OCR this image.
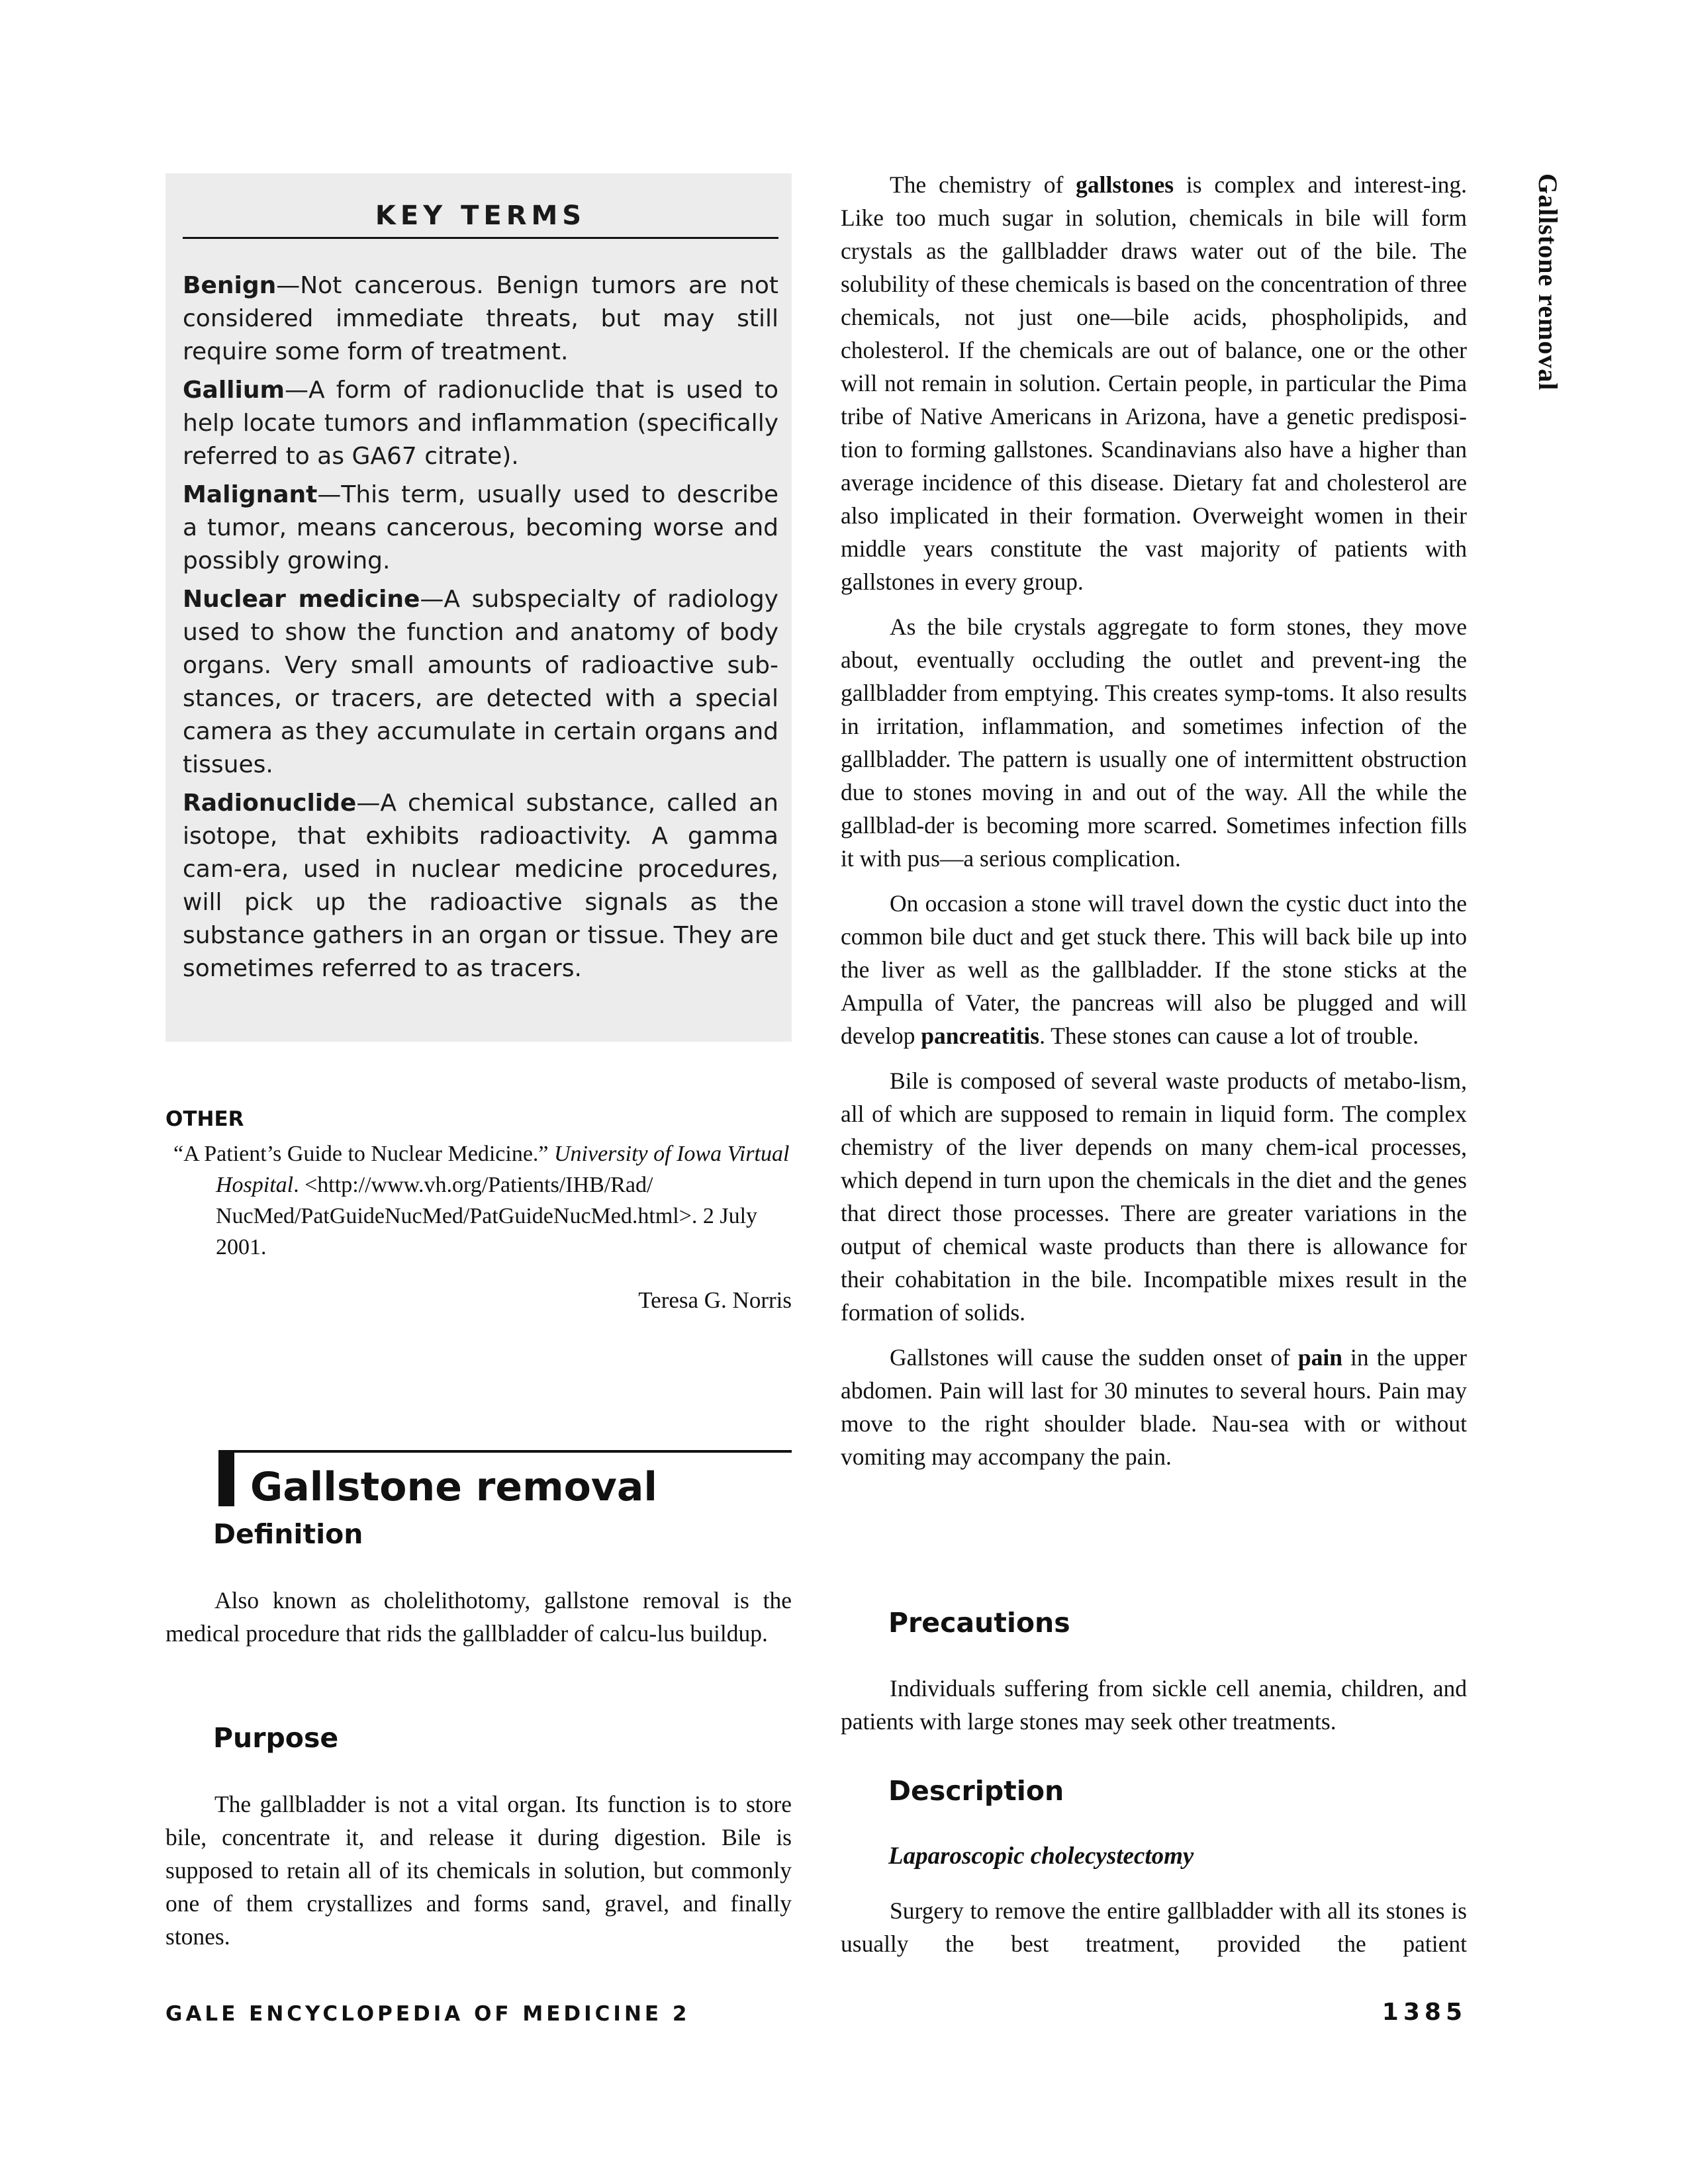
Gallstone removal
KEY TERMS

Benign—Not cancerous. Benign tumors are not considered immediate threats, but may still require some form of treatment.

Gallium—A form of radionuclide that is used to help locate tumors and inflammation (specifically referred to as GA67 citrate).

Malignant—This term, usually used to describe a tumor, means cancerous, becoming worse and possibly growing.

Nuclear medicine—A subspecialty of radiology used to show the function and anatomy of body organs. Very small amounts of radioactive sub-stances, or tracers, are detected with a special camera as they accumulate in certain organs and tissues.

Radionuclide—A chemical substance, called an isotope, that exhibits radioactivity. A gamma cam-era, used in nuclear medicine procedures, will pick up the radioactive signals as the substance gathers in an organ or tissue. They are sometimes referred to as tracers.

OTHER

“A Patient’s Guide to Nuclear Medicine.” University of Iowa Virtual Hospital. <http://www.vh.org/Patients/IHB/Rad/ NucMed/PatGuideNucMed/PatGuideNucMed.html>. 2 July 2001.

Teresa G. Norris

Gallstone removal
Definition

Also known as cholelithotomy, gallstone removal is the medical procedure that rids the gallbladder of calcu-lus buildup.

Purpose

The gallbladder is not a vital organ. Its function is to store bile, concentrate it, and release it during digestion. Bile is supposed to retain all of its chemicals in solution, but commonly one of them crystallizes and forms sand, gravel, and finally stones.

The chemistry of gallstones is complex and interest-ing. Like too much sugar in solution, chemicals in bile will form crystals as the gallbladder draws water out of the bile. The solubility of these chemicals is based on the concentration of three chemicals, not just one—bile acids, phospholipids, and cholesterol. If the chemicals are out of balance, one or the other will not remain in solution. Certain people, in particular the Pima tribe of Native Americans in Arizona, have a genetic predisposi-tion to forming gallstones. Scandinavians also have a higher than average incidence of this disease. Dietary fat and cholesterol are also implicated in their formation. Overweight women in their middle years constitute the vast majority of patients with gallstones in every group.

As the bile crystals aggregate to form stones, they move about, eventually occluding the outlet and prevent-ing the gallbladder from emptying. This creates symp-toms. It also results in irritation, inflammation, and sometimes infection of the gallbladder. The pattern is usually one of intermittent obstruction due to stones moving in and out of the way. All the while the gallblad-der is becoming more scarred. Sometimes infection fills it with pus—a serious complication.

On occasion a stone will travel down the cystic duct into the common bile duct and get stuck there. This will back bile up into the liver as well as the gallbladder. If the stone sticks at the Ampulla of Vater, the pancreas will also be plugged and will develop pancreatitis. These stones can cause a lot of trouble.

Bile is composed of several waste products of metabo-lism, all of which are supposed to remain in liquid form. The complex chemistry of the liver depends on many chem-ical processes, which depend in turn upon the chemicals in the diet and the genes that direct those processes. There are greater variations in the output of chemical waste products than there is allowance for their cohabitation in the bile. Incompatible mixes result in the formation of solids.

Gallstones will cause the sudden onset of pain in the upper abdomen. Pain will last for 30 minutes to several hours. Pain may move to the right shoulder blade. Nau-sea with or without vomiting may accompany the pain.

Precautions

Individuals suffering from sickle cell anemia, children, and patients with large stones may seek other treatments.

Description

Laparoscopic cholecystectomy

Surgery to remove the entire gallbladder with all its stones is usually the best treatment, provided the patient

GALE ENCYCLOPEDIA OF MEDICINE 2	1385
